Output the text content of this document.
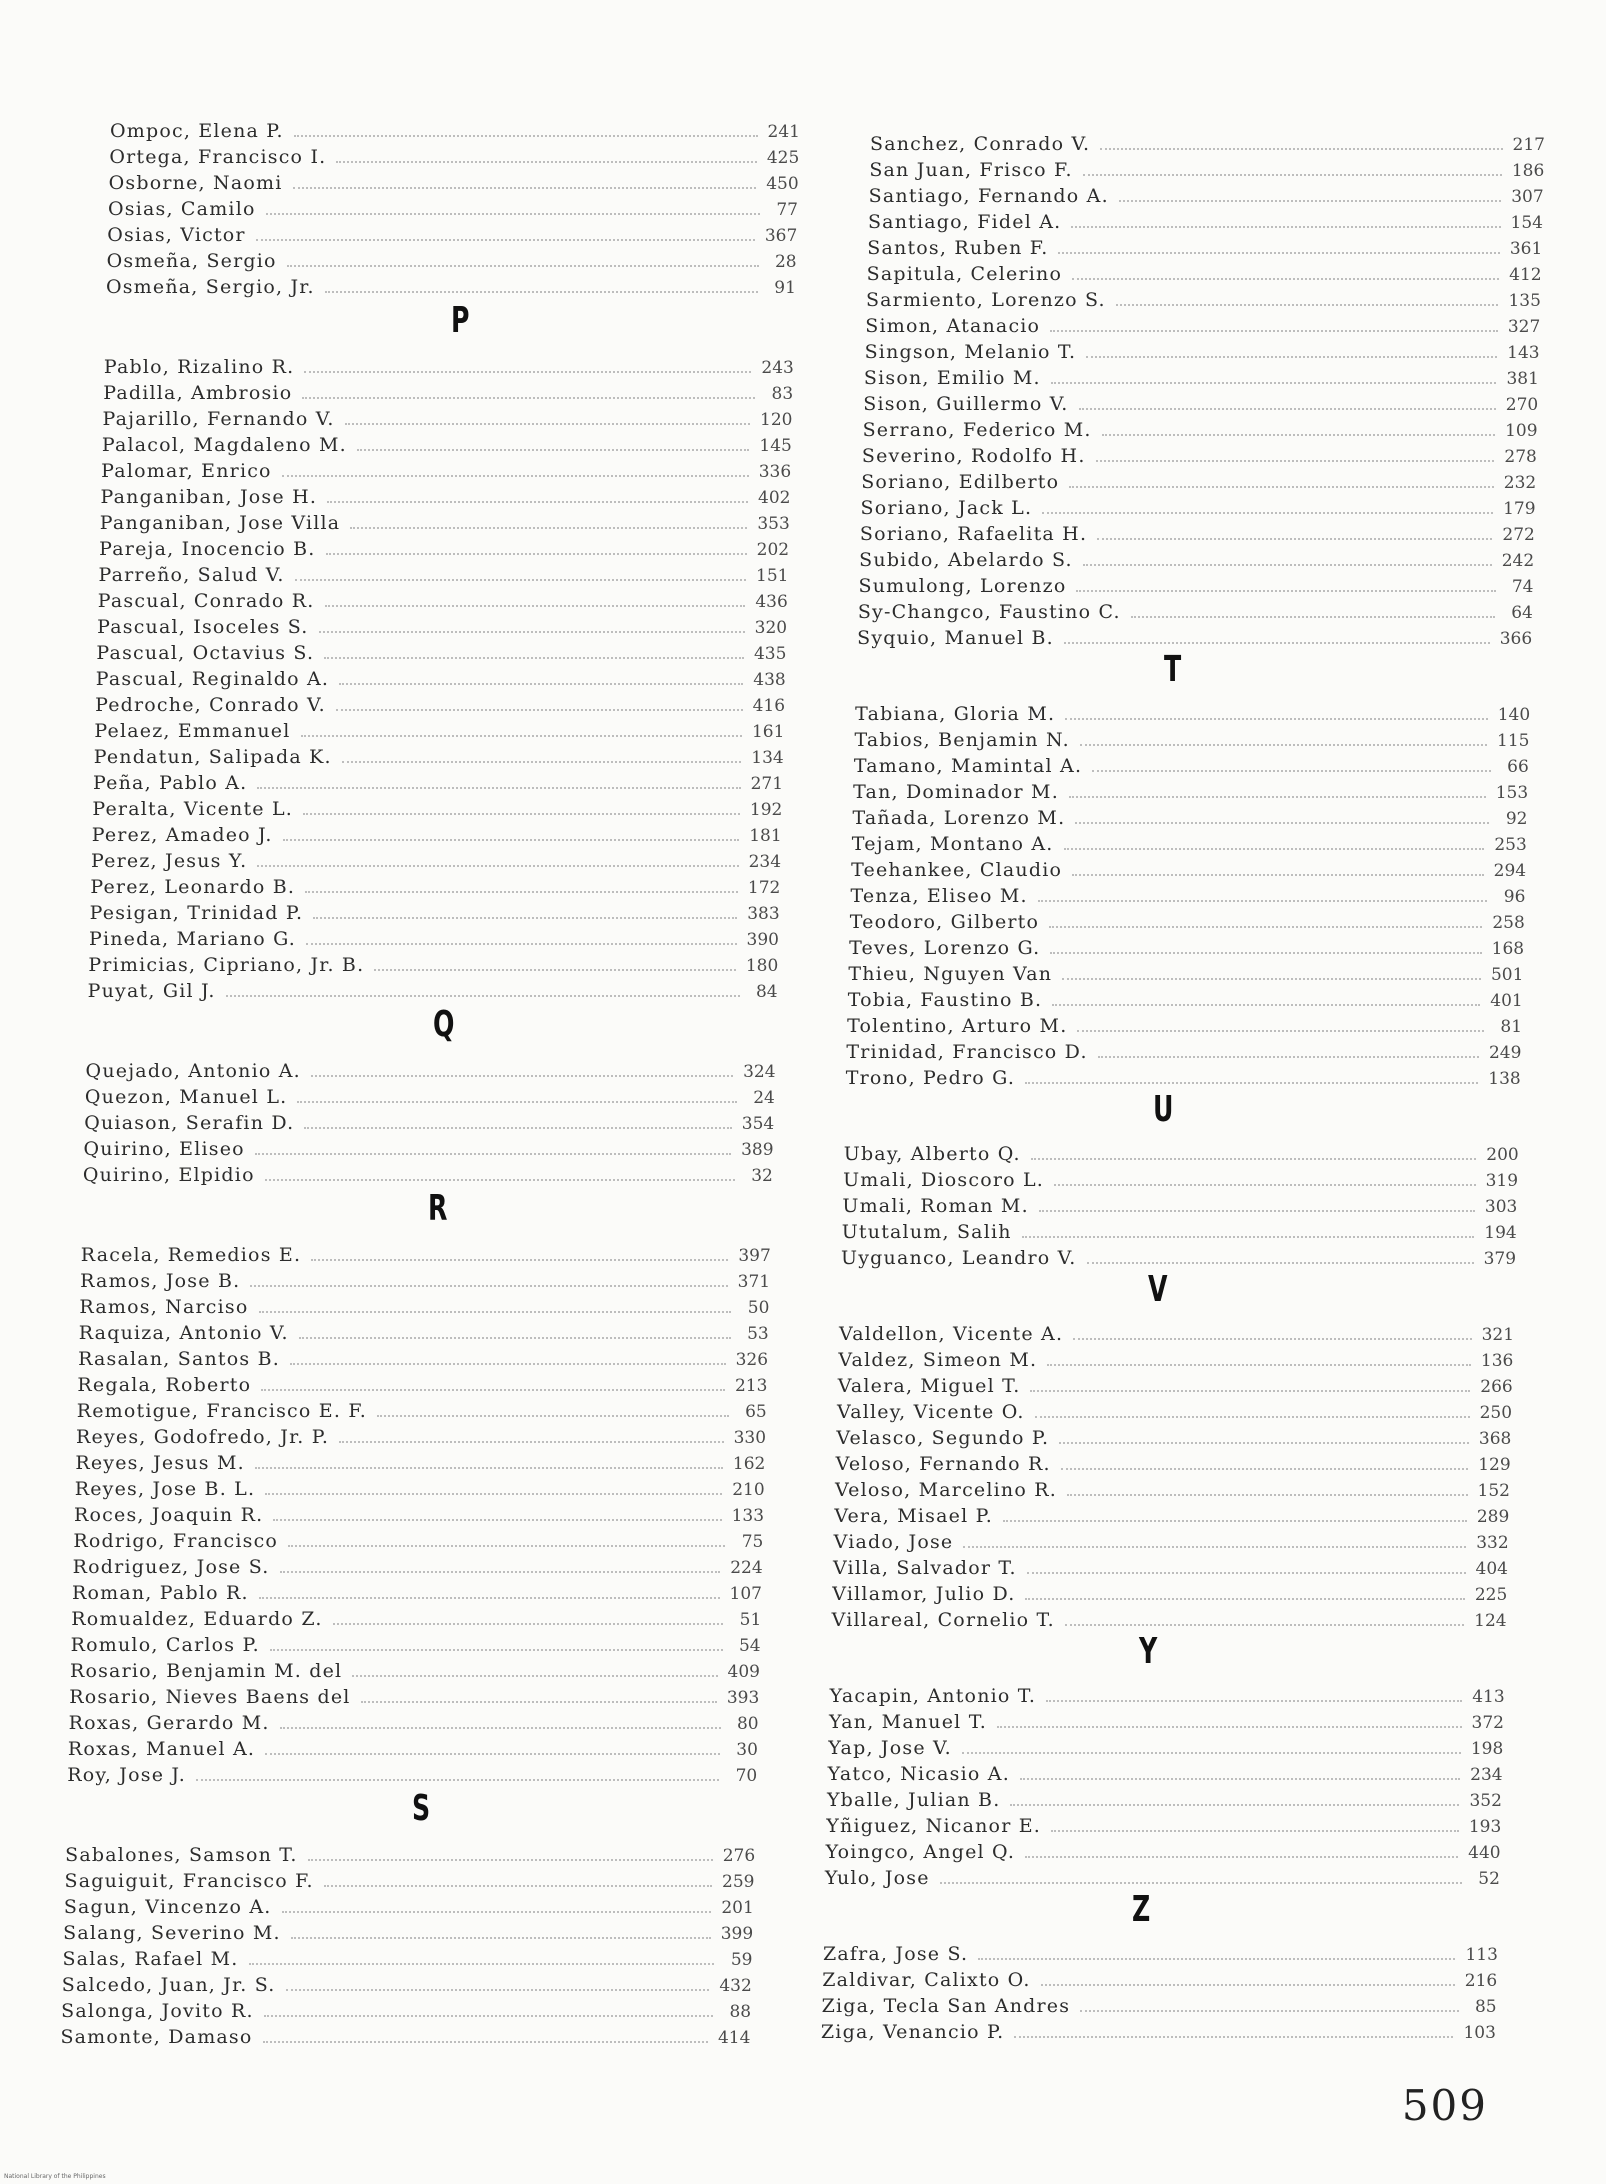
Ompoc, Elena P.	241
Ortega, Francisco I.	425
Osborne, Naomi	450
Osias, Camilo	77
Osias, Victor	367
Osmeña, Sergio	28
Osmeña, Sergio, Jr.	91
P
Pablo, Rizalino R.	243
Padilla, Ambrosio	83
Pajarillo, Fernando V.	120
Palacol, Magdaleno M.	145
Palomar, Enrico	336
Panganiban, Jose H.	402
Panganiban, Jose Villa	353
Pareja, Inocencio B.	202
Parreño, Salud V.	151
Pascual, Conrado R.	436
Pascual, Isoceles S.	320
Pascual, Octavius S.	435
Pascual, Reginaldo A.	438
Pedroche, Conrado V.	416
Pelaez, Emmanuel	161
Pendatun, Salipada K.	134
Peña, Pablo A.	271
Peralta, Vicente L.	192
Perez, Amadeo J.	181
Perez, Jesus Y.	234
Perez, Leonardo B.	172
Pesigan, Trinidad P.	383
Pineda, Mariano G.	390
Primicias, Cipriano, Jr. B.	180
Puyat, Gil J.	84
Q
Quejado, Antonio A.	324
Quezon, Manuel L.	24
Quiason, Serafin D.	354
Quirino, Eliseo	389
Quirino, Elpidio	32
R
Racela, Remedios E.	397
Ramos, Jose B.	371
Ramos, Narciso	50
Raquiza, Antonio V.	53
Rasalan, Santos B.	326
Regala, Roberto	213
Remotigue, Francisco E. F.	65
Reyes, Godofredo, Jr. P.	330
Reyes, Jesus M.	162
Reyes, Jose B. L.	210
Roces, Joaquin R.	133
Rodrigo, Francisco	75
Rodriguez, Jose S.	224
Roman, Pablo R.	107
Romualdez, Eduardo Z.	51
Romulo, Carlos P.	54
Rosario, Benjamin M. del	409
Rosario, Nieves Baens del	393
Roxas, Gerardo M.	80
Roxas, Manuel A.	30
Roy, Jose J.	70
S
Sabalones, Samson T.	276
Saguiguit, Francisco F.	259
Sagun, Vincenzo A.	201
Salang, Severino M.	399
Salas, Rafael M.	59
Salcedo, Juan, Jr. S.	432
Salonga, Jovito R.	88
Samonte, Damaso	414
Sanchez, Conrado V.	217
San Juan, Frisco F.	186
Santiago, Fernando A.	307
Santiago, Fidel A.	154
Santos, Ruben F.	361
Sapitula, Celerino	412
Sarmiento, Lorenzo S.	135
Simon, Atanacio	327
Singson, Melanio T.	143
Sison, Emilio M.	381
Sison, Guillermo V.	270
Serrano, Federico M.	109
Severino, Rodolfo H.	278
Soriano, Edilberto	232
Soriano, Jack L.	179
Soriano, Rafaelita H.	272
Subido, Abelardo S.	242
Sumulong, Lorenzo	74
Sy-Changco, Faustino C.	64
Syquio, Manuel B.	366
T
Tabiana, Gloria M.	140
Tabios, Benjamin N.	115
Tamano, Mamintal A.	66
Tan, Dominador M.	153
Tañada, Lorenzo M.	92
Tejam, Montano A.	253
Teehankee, Claudio	294
Tenza, Eliseo M.	96
Teodoro, Gilberto	258
Teves, Lorenzo G.	168
Thieu, Nguyen Van	501
Tobia, Faustino B.	401
Tolentino, Arturo M.	81
Trinidad, Francisco D.	249
Trono, Pedro G.	138
U
Ubay, Alberto Q.	200
Umali, Dioscoro L.	319
Umali, Roman M.	303
Ututalum, Salih	194
Uyguanco, Leandro V.	379
V
Valdellon, Vicente A.	321
Valdez, Simeon M.	136
Valera, Miguel T.	266
Valley, Vicente O.	250
Velasco, Segundo P.	368
Veloso, Fernando R.	129
Veloso, Marcelino R.	152
Vera, Misael P.	289
Viado, Jose	332
Villa, Salvador T.	404
Villamor, Julio D.	225
Villareal, Cornelio T.	124
Y
Yacapin, Antonio T.	413
Yan, Manuel T.	372
Yap, Jose V.	198
Yatco, Nicasio A.	234
Yballe, Julian B.	352
Yñiguez, Nicanor E.	193
Yoingco, Angel Q.	440
Yulo, Jose	52
Z
Zafra, Jose S.	113
Zaldivar, Calixto O.	216
Ziga, Tecla San Andres	85
Ziga, Venancio P.	103
509
National Library of the Philippines
